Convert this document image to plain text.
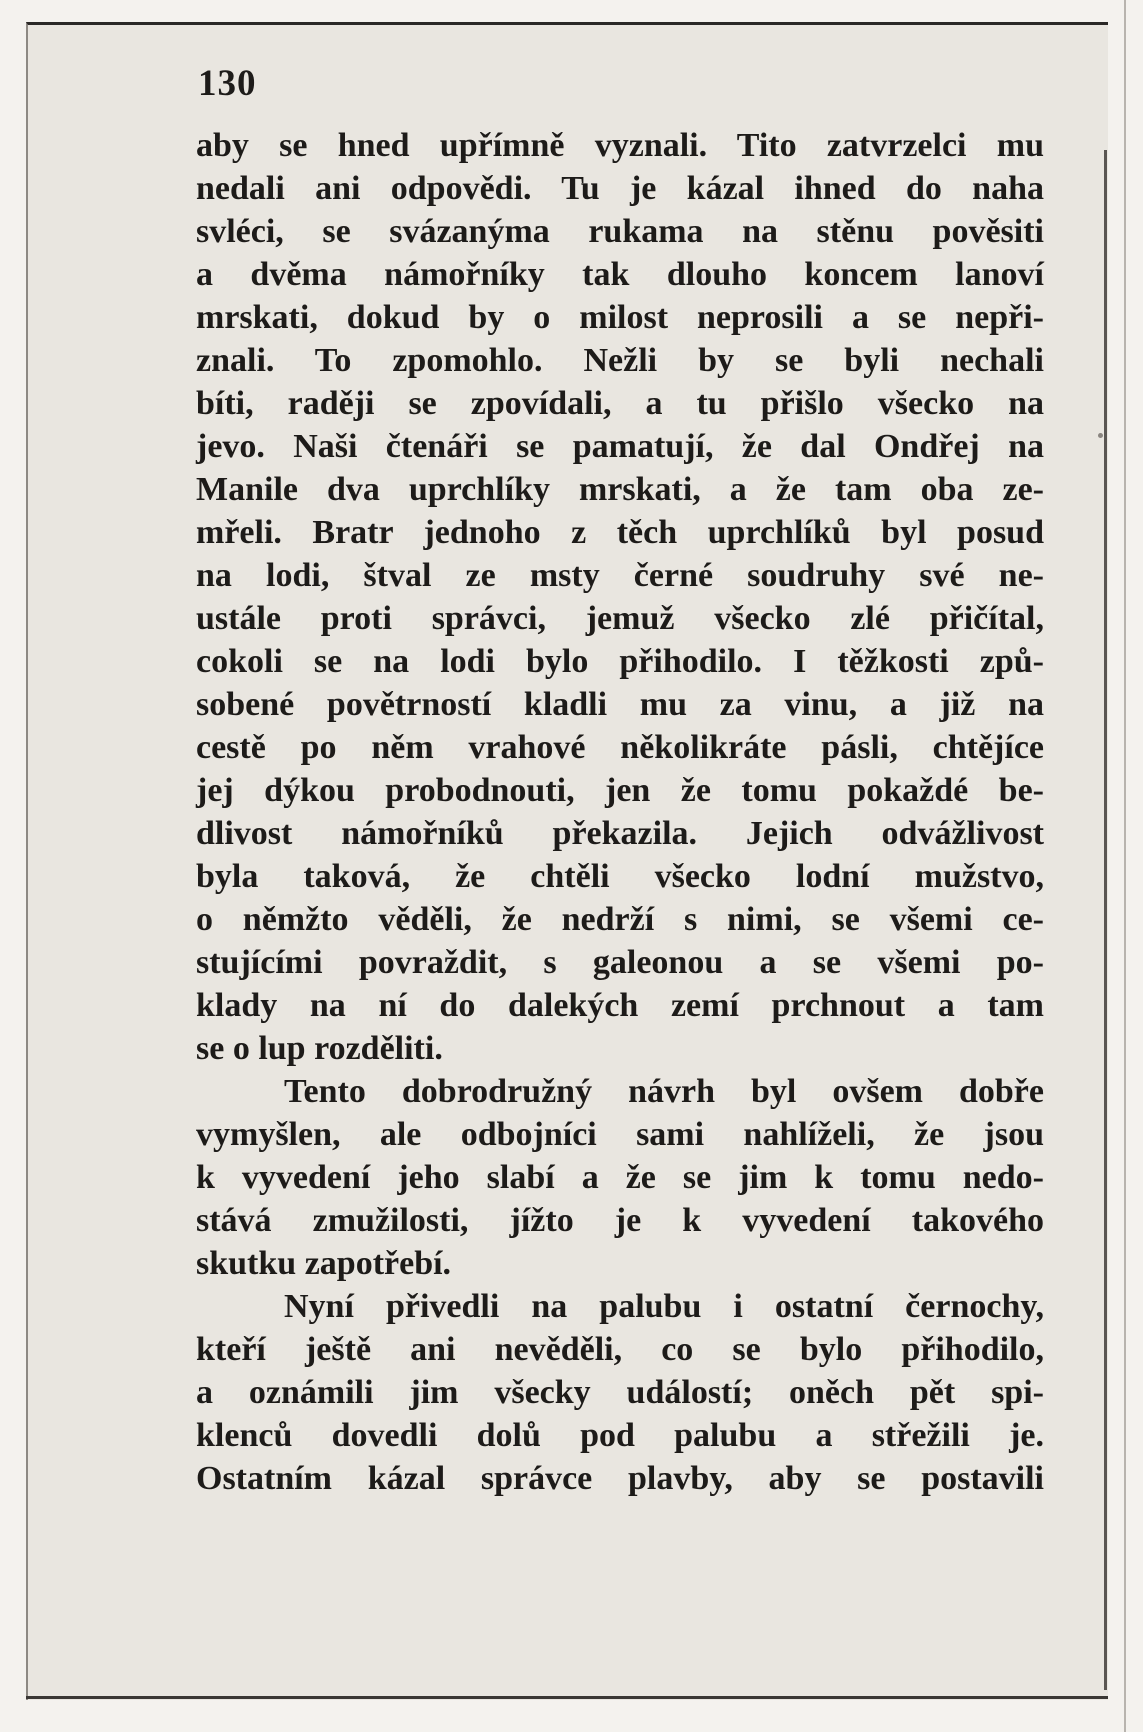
130
aby se hned upřímně vyznali. Tito zatvrzelci mu
nedali ani odpovědi. Tu je kázal ihned do naha
svléci, se svázanýma rukama na stěnu pověsiti
a dvěma námořníky tak dlouho koncem lanoví
mrskati, dokud by o milost neprosili a se nepři-
znali. To zpomohlo. Nežli by se byli nechali
bíti, raději se zpovídali, a tu přišlo všecko na
jevo. Naši čtenáři se pamatují, že dal Ondřej na
Manile dva uprchlíky mrskati, a že tam oba ze-
mřeli. Bratr jednoho z těch uprchlíků byl posud
na lodi, štval ze msty černé soudruhy své ne-
ustále proti správci, jemuž všecko zlé přičítal,
cokoli se na lodi bylo přihodilo. I těžkosti způ-
sobené povětrností kladli mu za vinu, a již na
cestě po něm vrahové několikráte pásli, chtějíce
jej dýkou probodnouti, jen že tomu pokaždé be-
dlivost námořníků překazila. Jejich odvážlivost
byla taková, že chtěli všecko lodní mužstvo,
o němžto věděli, že nedrží s nimi, se všemi ce-
stujícími povraždit, s galeonou a se všemi po-
klady na ní do dalekých zemí prchnout a tam
se o lup rozděliti.
Tento dobrodružný návrh byl ovšem dobře
vymyšlen, ale odbojníci sami nahlíželi, že jsou
k vyvedení jeho slabí a že se jim k tomu nedo-
stává zmužilosti, jížto je k vyvedení takového
skutku zapotřebí.
Nyní přivedli na palubu i ostatní černochy,
kteří ještě ani nevěděli, co se bylo přihodilo,
a oznámili jim všecky událostí; oněch pět spi-
klenců dovedli dolů pod palubu a střežili je.
Ostatním kázal správce plavby, aby se postavili
